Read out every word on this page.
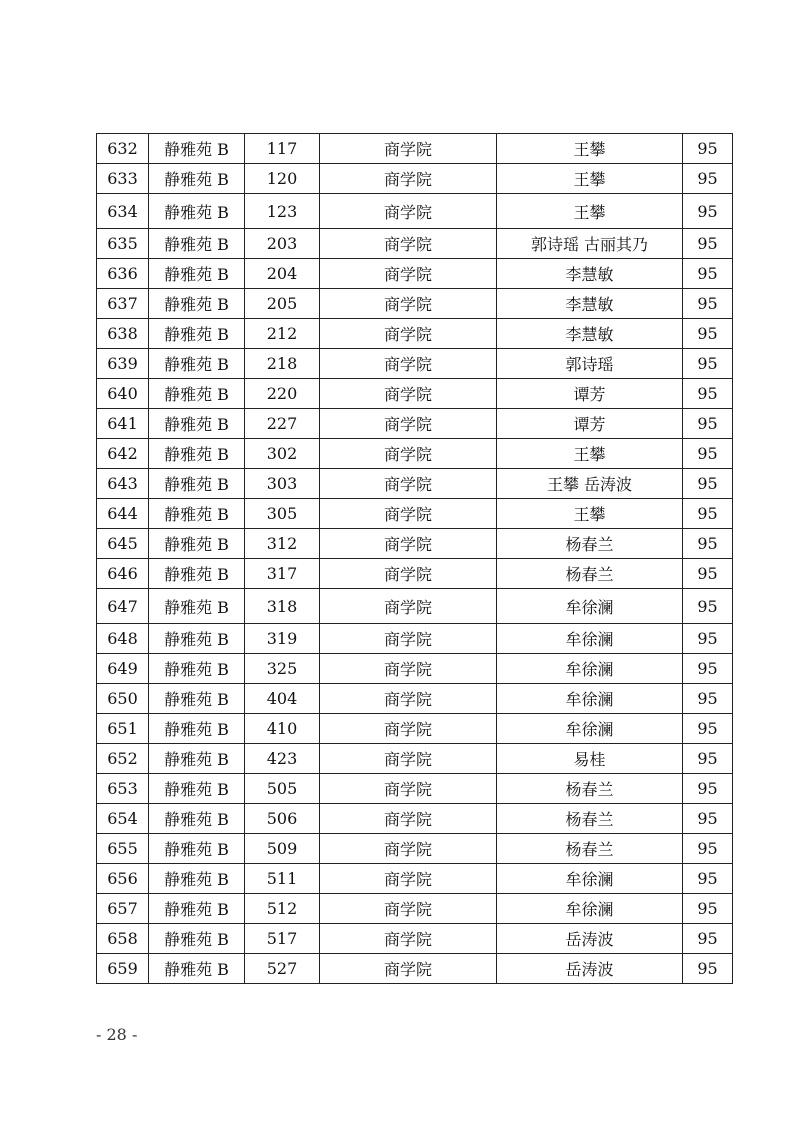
632	静雅苑 B	117	商学院	王攀	95
633	静雅苑 B	120	商学院	王攀	95
634	静雅苑 B	123	商学院	王攀	95
635	静雅苑 B	203	商学院	郭诗瑶 古丽其乃	95
636	静雅苑 B	204	商学院	李慧敏	95
637	静雅苑 B	205	商学院	李慧敏	95
638	静雅苑 B	212	商学院	李慧敏	95
639	静雅苑 B	218	商学院	郭诗瑶	95
640	静雅苑 B	220	商学院	谭芳	95
641	静雅苑 B	227	商学院	谭芳	95
642	静雅苑 B	302	商学院	王攀	95
643	静雅苑 B	303	商学院	王攀 岳涛波	95
644	静雅苑 B	305	商学院	王攀	95
645	静雅苑 B	312	商学院	杨春兰	95
646	静雅苑 B	317	商学院	杨春兰	95
647	静雅苑 B	318	商学院	牟徐澜	95
648	静雅苑 B	319	商学院	牟徐澜	95
649	静雅苑 B	325	商学院	牟徐澜	95
650	静雅苑 B	404	商学院	牟徐澜	95
651	静雅苑 B	410	商学院	牟徐澜	95
652	静雅苑 B	423	商学院	易桂	95
653	静雅苑 B	505	商学院	杨春兰	95
654	静雅苑 B	506	商学院	杨春兰	95
655	静雅苑 B	509	商学院	杨春兰	95
656	静雅苑 B	511	商学院	牟徐澜	95
657	静雅苑 B	512	商学院	牟徐澜	95
658	静雅苑 B	517	商学院	岳涛波	95
659	静雅苑 B	527	商学院	岳涛波	95
- 28 -
